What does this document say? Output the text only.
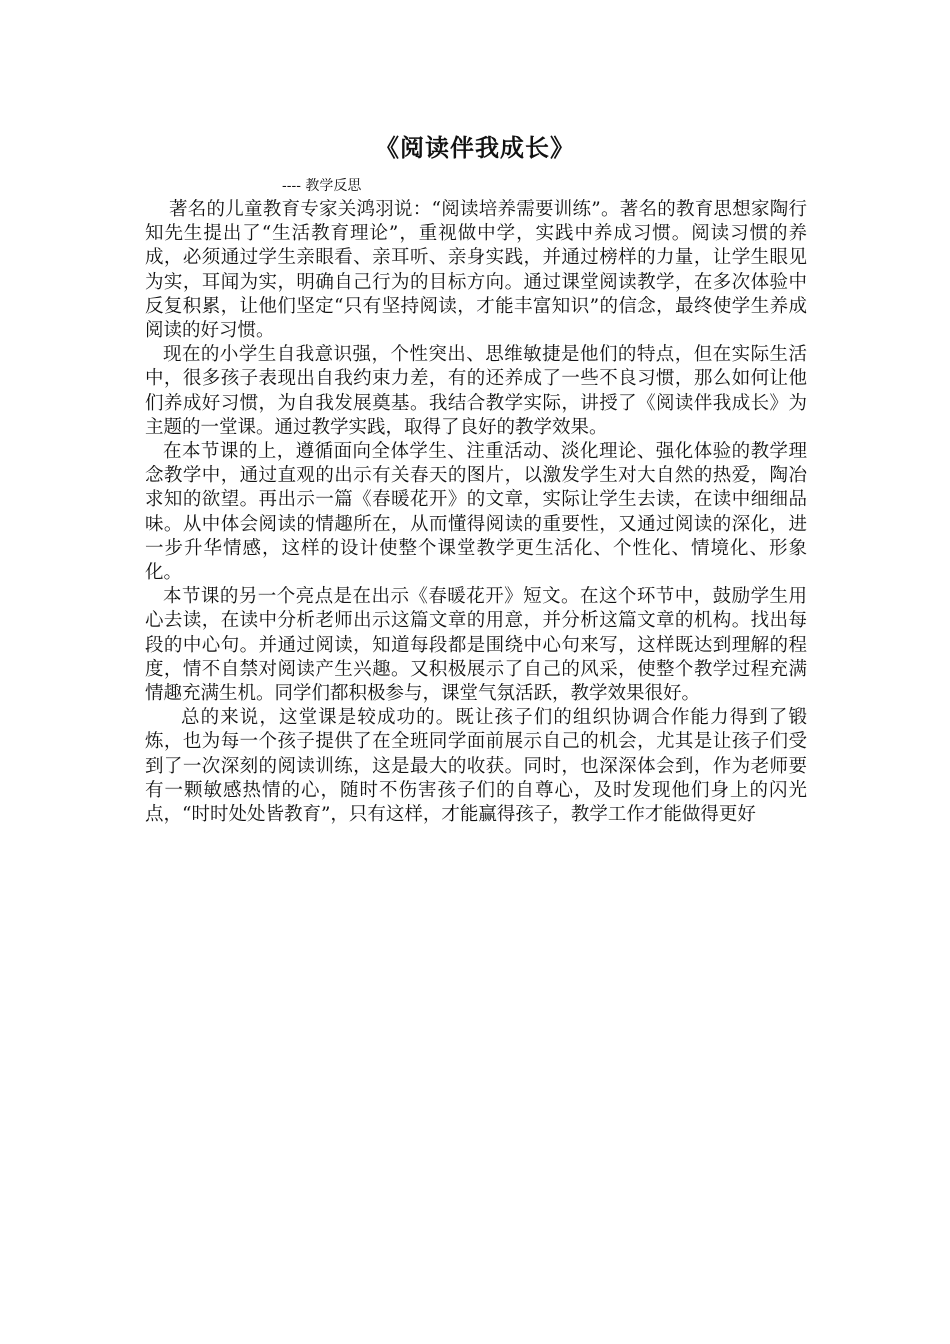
《阅读伴我成长》
---- 教学反思

著名的儿童教育专家关鸿羽说：“阅读培养需要训练”。著名的教育思想家陶行知先生提出了“生活教育理论”，重视做中学，实践中养成习惯。阅读习惯的养成，必须通过学生亲眼看、亲耳听、亲身实践，并通过榜样的力量，让学生眼见为实，耳闻为实，明确自己行为的目标方向。通过课堂阅读教学，在多次体验中反复积累，让他们坚定“只有坚持阅读，才能丰富知识”的信念，最终使学生养成阅读的好习惯。

现在的小学生自我意识强，个性突出、思维敏捷是他们的特点，但在实际生活中，很多孩子表现出自我约束力差，有的还养成了一些不良习惯，那么如何让他们养成好习惯，为自我发展奠基。我结合教学实际，讲授了《阅读伴我成长》为主题的一堂课。通过教学实践，取得了良好的教学效果。

在本节课的上，遵循面向全体学生、注重活动、淡化理论、强化体验的教学理念教学中，通过直观的出示有关春天的图片，以激发学生对大自然的热爱，陶冶求知的欲望。再出示一篇《春暖花开》的文章，实际让学生去读，在读中细细品味。从中体会阅读的情趣所在，从而懂得阅读的重要性，又通过阅读的深化，进一步升华情感，这样的设计使整个课堂教学更生活化、个性化、情境化、形象化。

本节课的另一个亮点是在出示《春暖花开》短文。在这个环节中，鼓励学生用心去读，在读中分析老师出示这篇文章的用意，并分析这篇文章的机构。找出每段的中心句。并通过阅读，知道每段都是围绕中心句来写，这样既达到理解的程度，情不自禁对阅读产生兴趣。又积极展示了自己的风采，使整个教学过程充满情趣充满生机。同学们都积极参与，课堂气氛活跃，教学效果很好。

总的来说，这堂课是较成功的。既让孩子们的组织协调合作能力得到了锻炼，也为每一个孩子提供了在全班同学面前展示自己的机会，尤其是让孩子们受到了一次深刻的阅读训练，这是最大的收获。同时，也深深体会到，作为老师要有一颗敏感热情的心，随时不伤害孩子们的自尊心，及时发现他们身上的闪光点，“时时处处皆教育”，只有这样，才能赢得孩子，教学工作才能做得更好
